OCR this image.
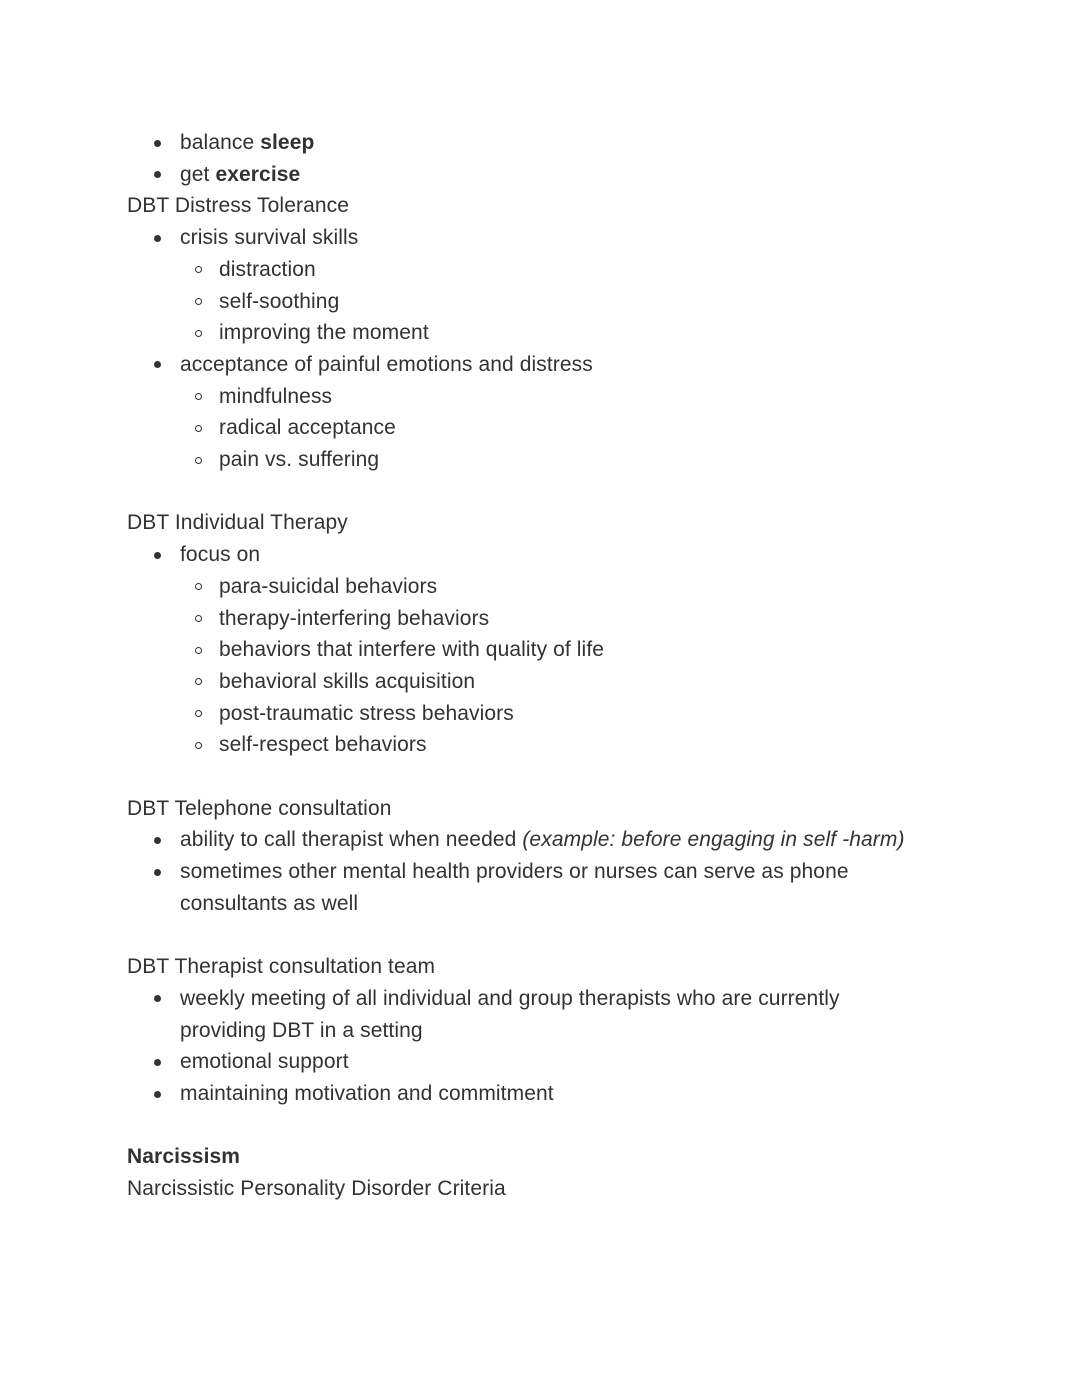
balance sleep
get exercise
DBT Distress Tolerance
crisis survival skills
distraction
self-soothing
improving the moment
acceptance of painful emotions and distress
mindfulness
radical acceptance
pain vs. suffering
DBT Individual Therapy
focus on
para-suicidal behaviors
therapy-interfering behaviors
behaviors that interfere with quality of life
behavioral skills acquisition
post-traumatic stress behaviors
self-respect behaviors
DBT Telephone consultation
ability to call therapist when needed (example: before engaging in self -harm)
sometimes other mental health providers or nurses can serve as phone
consultants as well
DBT Therapist consultation team
weekly meeting of all individual and group therapists who are currently
providing DBT in a setting
emotional support
maintaining motivation and commitment
Narcissism
Narcissistic Personality Disorder Criteria
